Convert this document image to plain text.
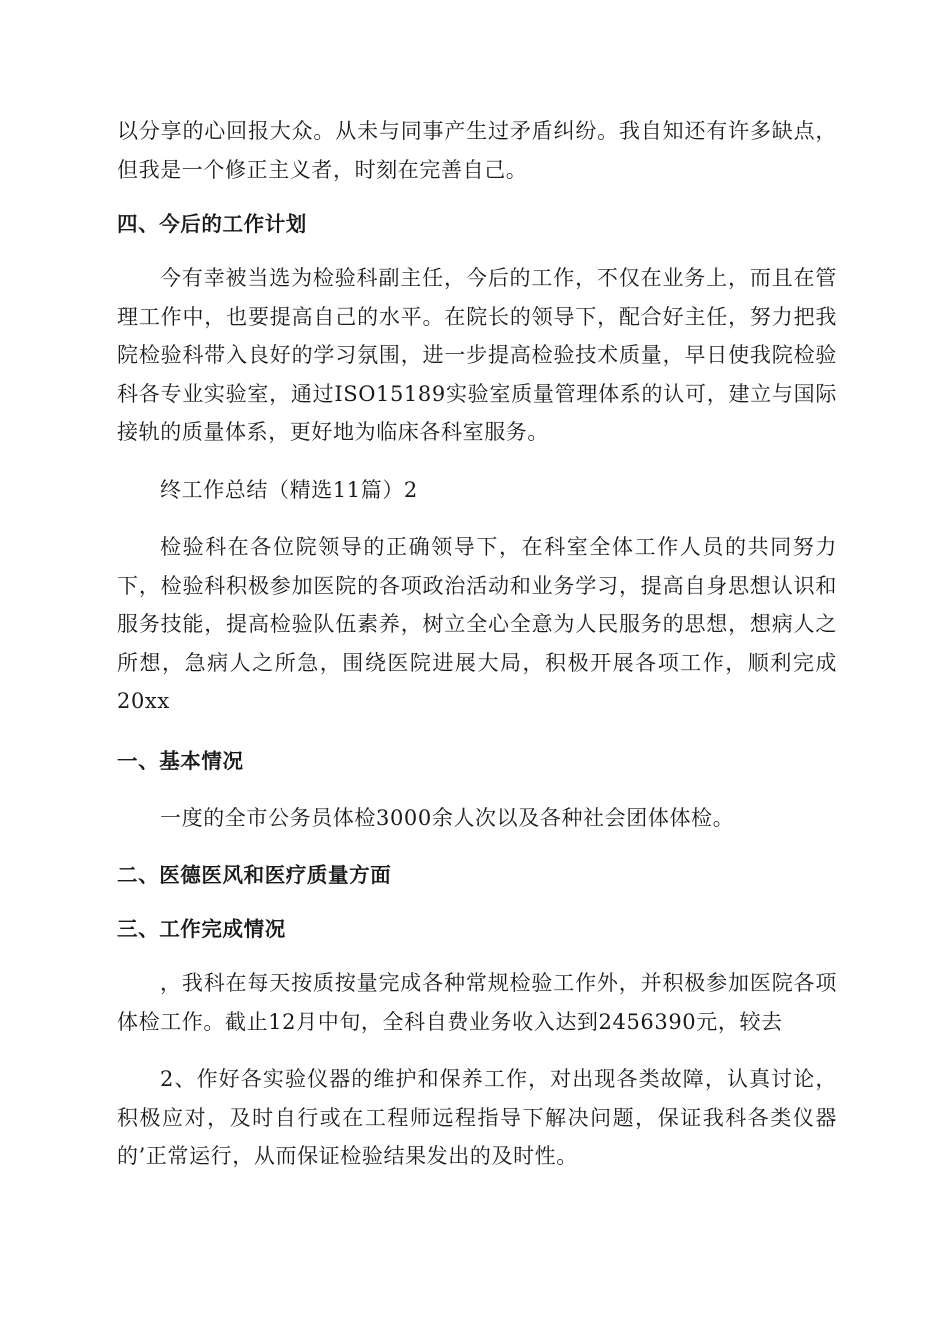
以分享的心回报大众。从未与同事产生过矛盾纠纷。我自知还有许多缺点，但我是一个修正主义者，时刻在完善自己。

四、今后的工作计划

今有幸被当选为检验科副主任，今后的工作，不仅在业务上，而且在管理工作中，也要提高自己的水平。在院长的领导下，配合好主任，努力把我院检验科带入良好的学习氛围，进一步提高检验技术质量，早日使我院检验科各专业实验室，通过ISO15189实验室质量管理体系的认可，建立与国际接轨的质量体系，更好地为临床各科室服务。

终工作总结（精选11篇）2

检验科在各位院领导的正确领导下，在科室全体工作人员的共同努力下，检验科积极参加医院的各项政治活动和业务学习，提高自身思想认识和服务技能，提高检验队伍素养，树立全心全意为人民服务的思想，想病人之所想，急病人之所急，围绕医院进展大局，积极开展各项工作，顺利完成20xx

一、基本情况

一度的全市公务员体检3000余人次以及各种社会团体体检。

二、医德医风和医疗质量方面

三、工作完成情况

，我科在每天按质按量完成各种常规检验工作外，并积极参加医院各项体检工作。截止12月中旬，全科自费业务收入达到2456390元，较去

2、作好各实验仪器的维护和保养工作，对出现各类故障，认真讨论，积极应对，及时自行或在工程师远程指导下解决问题，保证我科各类仪器的’正常运行，从而保证检验结果发出的及时性。
